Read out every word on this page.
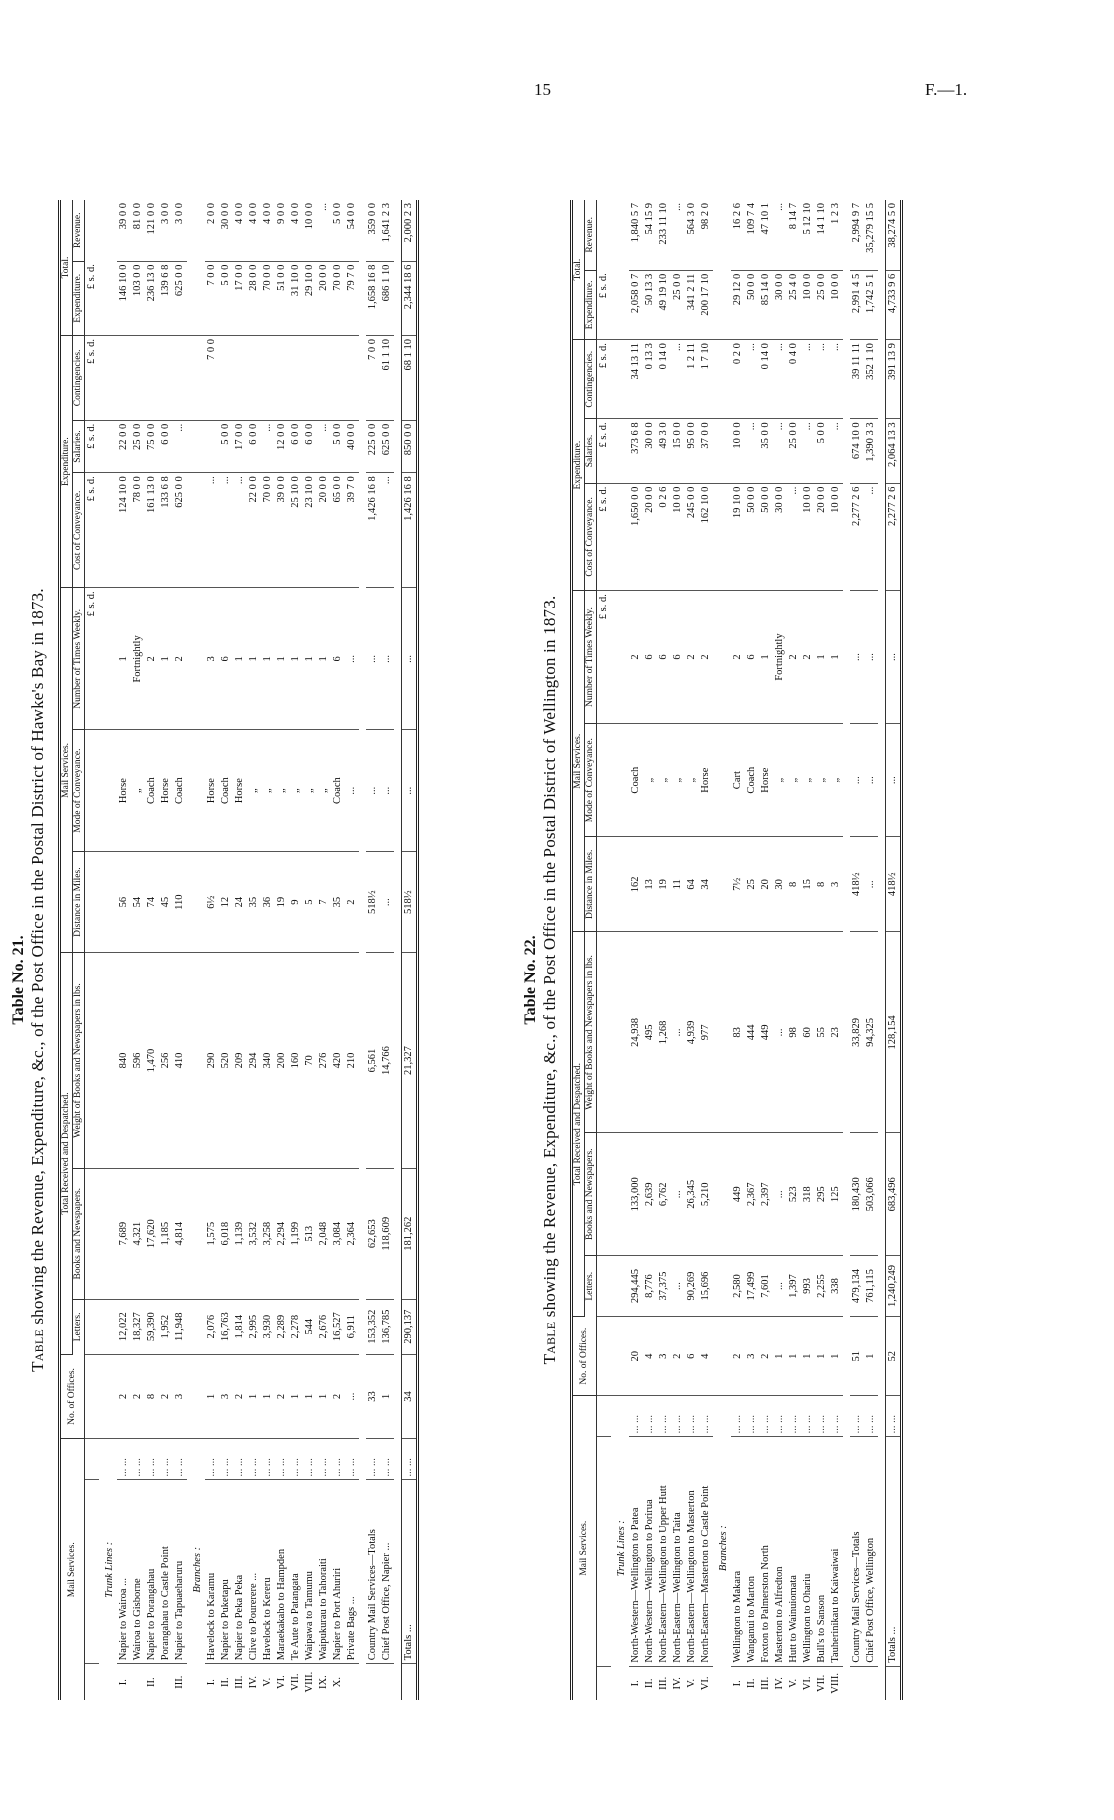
15	F.—1.
Table No. 21.
Table showing the Revenue, Expenditure, &c., of the Post Office in the Postal District of Hawke's Bay in 1873.
Mail Services.			No. of Offices.	Total Received and Despatched.			Mail Services.			Expenditure.			Total.	
				Letters.	Books and Newspapers.	Weight of Books and Newspapers in lbs.	Distance in Miles.	Mode of Conveyance.	Number of Times Weekly.	Cost of Conveyance.	Salaries.	Contingencies.	Expenditure.	Revenue.
									£ s. d.	£ s. d.	£ s. d.	£ s. d.	£ s. d.	
Trunk Lines :														
I.	Napier to Wairoa ...	... ...	2	12,022	7,689	840	56	Horse	1	124 10 0	22 0 0		146 10 0	39 0 0
	Wairoa to Gisborne	... ...	2	18,327	4,321	596	54	„	Fortnightly	78 0 0	25 0 0		103 0 0	81 0 0
II.	Napier to Porangahau	... ...	8	59,390	17,620	1,470	74	Coach	2	161 13 0	75 0 0		236 13 0	121 0 0
	Porangahau to Castle Point	... ...	2	1,952	1,185	256	45	Horse	1	133 6 8	6 0 0		139 6 8	3 0 0
III.	Napier to Tapuaeharuru	... ...	3	11,948	4,814	410	110	Coach	2	625 0 0	...		625 0 0	3 0 0
Branches :														
I.	Havelock to Karamu	... ...	1	2,076	1,575	290	6½	Horse	3	...		7 0 0	7 0 0	2 0 0
II.	Napier to Puketapu	... ...	3	16,763	6,018	520	12	Coach	6	...	5 0 0		5 0 0	30 0 0
III.	Napier to Peka Peka	... ...	2	1,814	1,139	209	24	Horse	1	...	17 0 0		17 0 0	4 0 0
IV.	Clive to Pourerere ...	... ...	1	2,995	3,532	294	35	„	1	22 0 0	6 0 0		28 0 0	4 0 0
V.	Havelock to Kereru	... ...	1	3,930	3,258	340	36	„	1	70 0 0	...		70 0 0	4 0 0
VI.	Maraekakaho to Hampden	... ...	2	2,289	2,294	200	19	„	1	39 0 0	12 0 0		51 0 0	9 0 0
VII.	Te Aute to Patangata	... ...	1	2,278	1,199	160	9	„	1	25 10 0	6 0 0		31 10 0	4 0 0
VIII.	Waipawa to Tamumu	... ...	1	544	513	70	5	„	1	23 10 0	6 0 0		29 10 0	10 0 0
IX.	Waipukurau to Tahoraiti	... ...	1	2,676	2,048	276	7	„	1	20 0 0	...		20 0 0	...
X.	Napier to Port Ahuriri	... ...	2	16,527	3,084	420	35	Coach	6	65 0 0	5 0 0		70 0 0	5 0 0
	Private Bags ...	... ...	...	6,911	2,364	210	2	...	...	39 7 0	40 0 0		79 7 0	54 0 0

	Country Mail Services—Totals	... ...	33	153,352	62,653	6,561	518½	...	...	1,426 16 8	225 0 0	7 0 0	1,658 16 8	359 0 0
	Chief Post Office, Napier ...	... ...	1	136,785	118,609	14,766	...	...	...	...	625 0 0	61 1 10	686 1 10	1,641 2 3

	Totals ...	... ...	34	290,137	181,262	21,327	518½	...	...	1,426 16 8	850 0 0	68 1 10	2,344 18 6	2,000 2 3
Table No. 22.
Table showing the Revenue, Expenditure, &c., of the Post Office in the Postal District of Wellington in 1873.
Mail Services.			No. of Offices.	Total Received and Despatched.			Mail Services.			Expenditure.			Total.	
				Letters.	Books and Newspapers.	Weight of Books and Newspapers in lbs.	Distance in Miles.	Mode of Conveyance.	Number of Times Weekly.	Cost of Conveyance.	Salaries.	Contingencies.	Expenditure.	Revenue.
									£ s. d.	£ s. d.	£ s. d.	£ s. d.	£ s. d.	
Trunk Lines :														
I.	North-Western—Wellington to Patea	... ...	20	294,445	133,000	24,938	162	Coach	2	1,650 0 0	373 6 8	34 13 11	2,058 0 7	1,840 5 7
II.	North-Western—Wellington to Porirua	... ...	4	8,776	2,639	495	13	„	6	20 0 0	30 0 0	0 13 3	50 13 3	54 15 9
III.	North-Eastern—Wellington to Upper Hutt	... ...	3	37,375	6,762	1,268	19	„	6	0 2 6	49 3 0	0 14 0	49 19 10	233 11 10
IV.	North-Eastern—Wellington to Taita	... ...	2	...	...	...	11	„	6	10 0 0	15 0 0	...	25 0 0	...
V.	North-Eastern—Wellington to Masterton	... ...	6	90,269	26,345	4,939	64	„	2	245 0 0	95 0 0	1 2 11	341 2 11	564 3 0
VI.	North-Eastern—Masterton to Castle Point	... ...	4	15,696	5,210	977	34	Horse	2	162 10 0	37 0 0	1 7 10	200 17 10	98 2 0
Branches :														
I.	Wellington to Makara	... ...	2	2,580	449	83	7½	Cart	2	19 10 0	10 0 0	0 2 0	29 12 0	16 2 6
II.	Wanganui to Marton	... ...	3	17,499	2,367	444	25	Coach	6	50 0 0	...	...	50 0 0	109 7 4
III.	Foxton to Palmerston North	... ...	2	7,601	2,397	449	20	Horse	1	50 0 0	35 0 0	0 14 0	85 14 0	47 10 1
IV.	Masterton to Alfredton	... ...	1	...	...	...	30	„	Fortnightly	30 0 0	...	...	30 0 0	...
V.	Hutt to Wainuiomata	... ...	1	1,397	523	98	8	„	2	...	25 0 0	0 4 0	25 4 0	8 14 7
VI.	Wellington to Ohariu	... ...	1	993	318	60	15	„	2	10 0 0	...	...	10 0 0	5 12 10
VII.	Bull's to Sanson	... ...	1	2,255	295	55	8	„	1	20 0 0	5 0 0	...	25 0 0	14 1 10
VIII.	Tauherinikau to Kaiwaiwai	... ...	1	338	125	23	3	„	1	10 0 0	...	...	10 0 0	1 2 3

	Country Mail Services—Totals	... ...	51	479,134	180,430	33,829	418½	...	...	2,277 2 6	674 10 0	39 11 11	2,991 4 5	2,994 9 7
	Chief Post Office, Wellington	... ...	1	761,115	503,066	94,325	...	...	...	...	1,390 3 3	352 1 10	1,742 5 1	35,279 15 5

	Totals ...	... ...	52	1,240,249	683,496	128,154	418½	...	...	2,277 2 6	2,064 13 3	391 13 9	4,733 9 6	38,274 5 0
